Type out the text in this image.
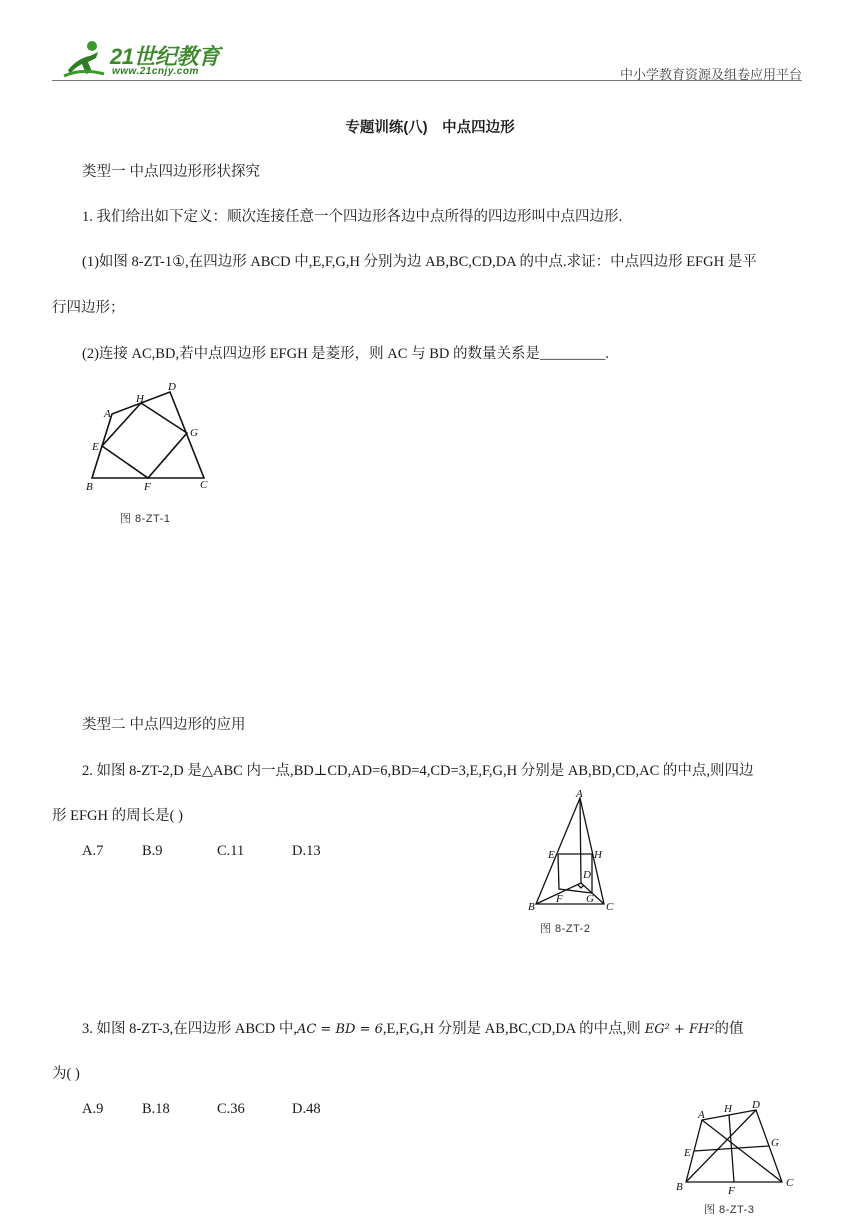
21世纪教育
www.21cnjy.com	中小学教育资源及组卷应用平台
专题训练(八)　中点四边形
类型一 中点四边形形状探究
1. 我们给出如下定义：顺次连接任意一个四边形各边中点所得的四边形叫中点四边形.
(1)如图 8-ZT-1①,在四边形 ABCD 中,E,F,G,H 分别为边 AB,BC,CD,DA 的中点.求证：中点四边形 EFGH 是平
行四边形；
(2)连接 AC,BD,若中点四边形 EFGH 是菱形，则 AC 与 BD 的数量关系是_________.
A
B	C
D
E
F
G
H
图 8-ZT-1
类型二 中点四边形的应用
2. 如图 8-ZT-2,D 是△ABC 内一点,BD⊥CD,AD=6,BD=4,CD=3,E,F,G,H 分别是 AB,BD,CD,AC 的中点,则四边
形 EFGH 的周长是( )
A.7	B.9	C.11	D.13
A
B	C
D
E
F G
H
图 8-ZT-2
3. 如图 8-ZT-3,在四边形 ABCD 中,AC = BD = 6,E,F,G,H 分别是 AB,BC,CD,DA 的中点,则 EG² + FH²的值
为( )
A.9	B.18	C.36	D.48	A
B	C
D
E
F
G
H
图 8-ZT-3
